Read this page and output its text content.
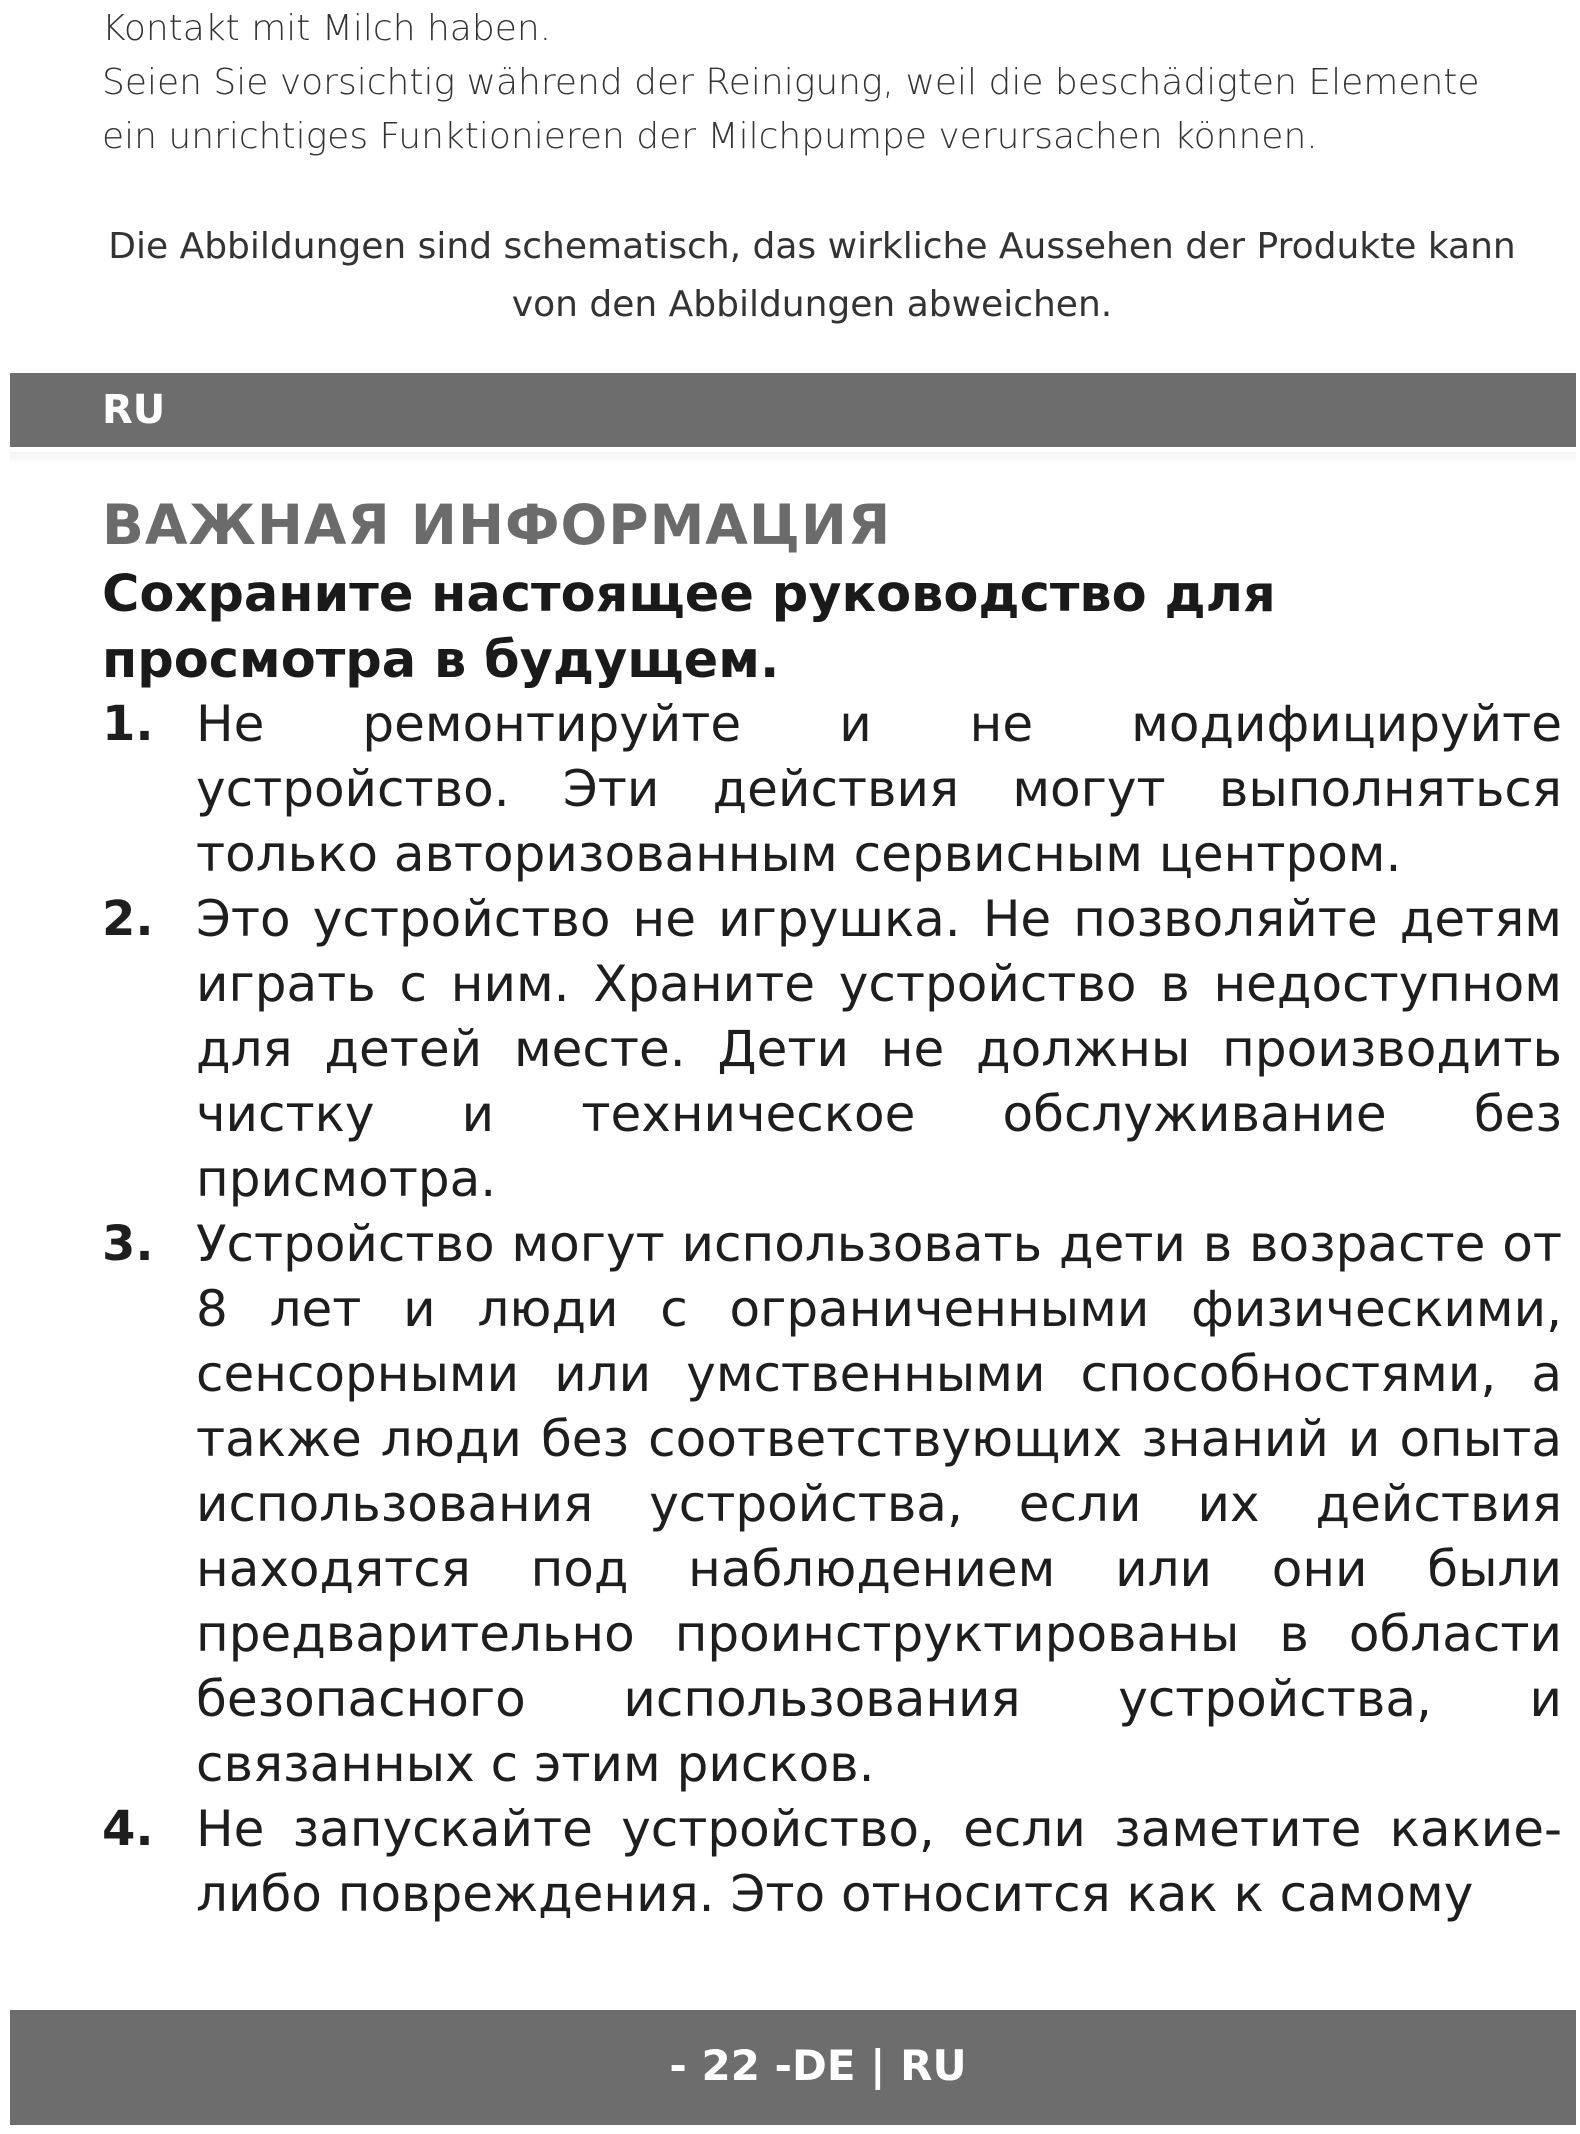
Kontakt mit Milch haben.

Seien Sie vorsichtig während der Reinigung, weil die beschädigten Elemente ein unrichtiges Funktionieren der Milchpumpe verursachen können.

Die Abbildungen sind schematisch, das wirkliche Aussehen der Produkte kann von den Abbildungen abweichen.
RU
ВАЖНАЯ ИНФОРМАЦИЯ
Сохраните настоящее руководство для просмотра в будущем.
1. Не ремонтируйте и не модифицируйте устройство. Эти действия могут выполняться только авторизованным сервисным центром.
2. Это устройство не игрушка. Не позволяйте детям играть с ним. Храните устройство в недоступном для детей месте. Дети не должны производить чистку и техническое обслуживание без присмотра.
3. Устройство могут использовать дети в возрасте от 8 лет и люди с ограниченными физическими, сенсорными или умственными способностями, а также люди без соответствующих знаний и опыта использования устройства, если их действия находятся под наблюдением или они были предварительно проинструктированы в области безопасного использования устройства, и связанных с этим рисков.
4. Не запускайте устройство, если заметите какие-либо повреждения. Это относится как к самому
- 22 -DE | RU
